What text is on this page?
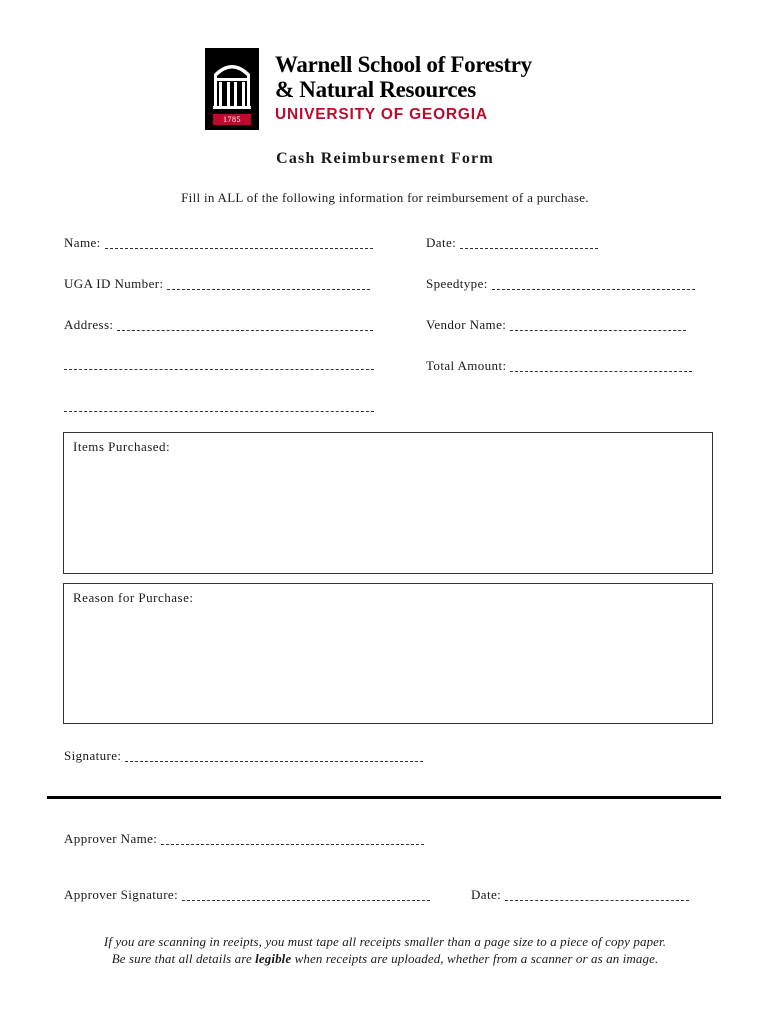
1785
TM
Warnell School of Forestry
& Natural Resources
UNIVERSITY OF GEORGIA
Cash Reimbursement Form
Fill in ALL of the following information for reimbursement of a purchase.
Name:
UGA ID Number:
Address:
Date:
Speedtype:
Vendor Name:
Total Amount:
Items Purchased:
Reason for Purchase:
Signature:
Approver Name:
Approver Signature:	Date:
If you are scanning in reeipts, you must tape all receipts smaller than a page size to a piece of copy paper.
Be sure that all details are legible when receipts are uploaded, whether from a scanner or as an image.
